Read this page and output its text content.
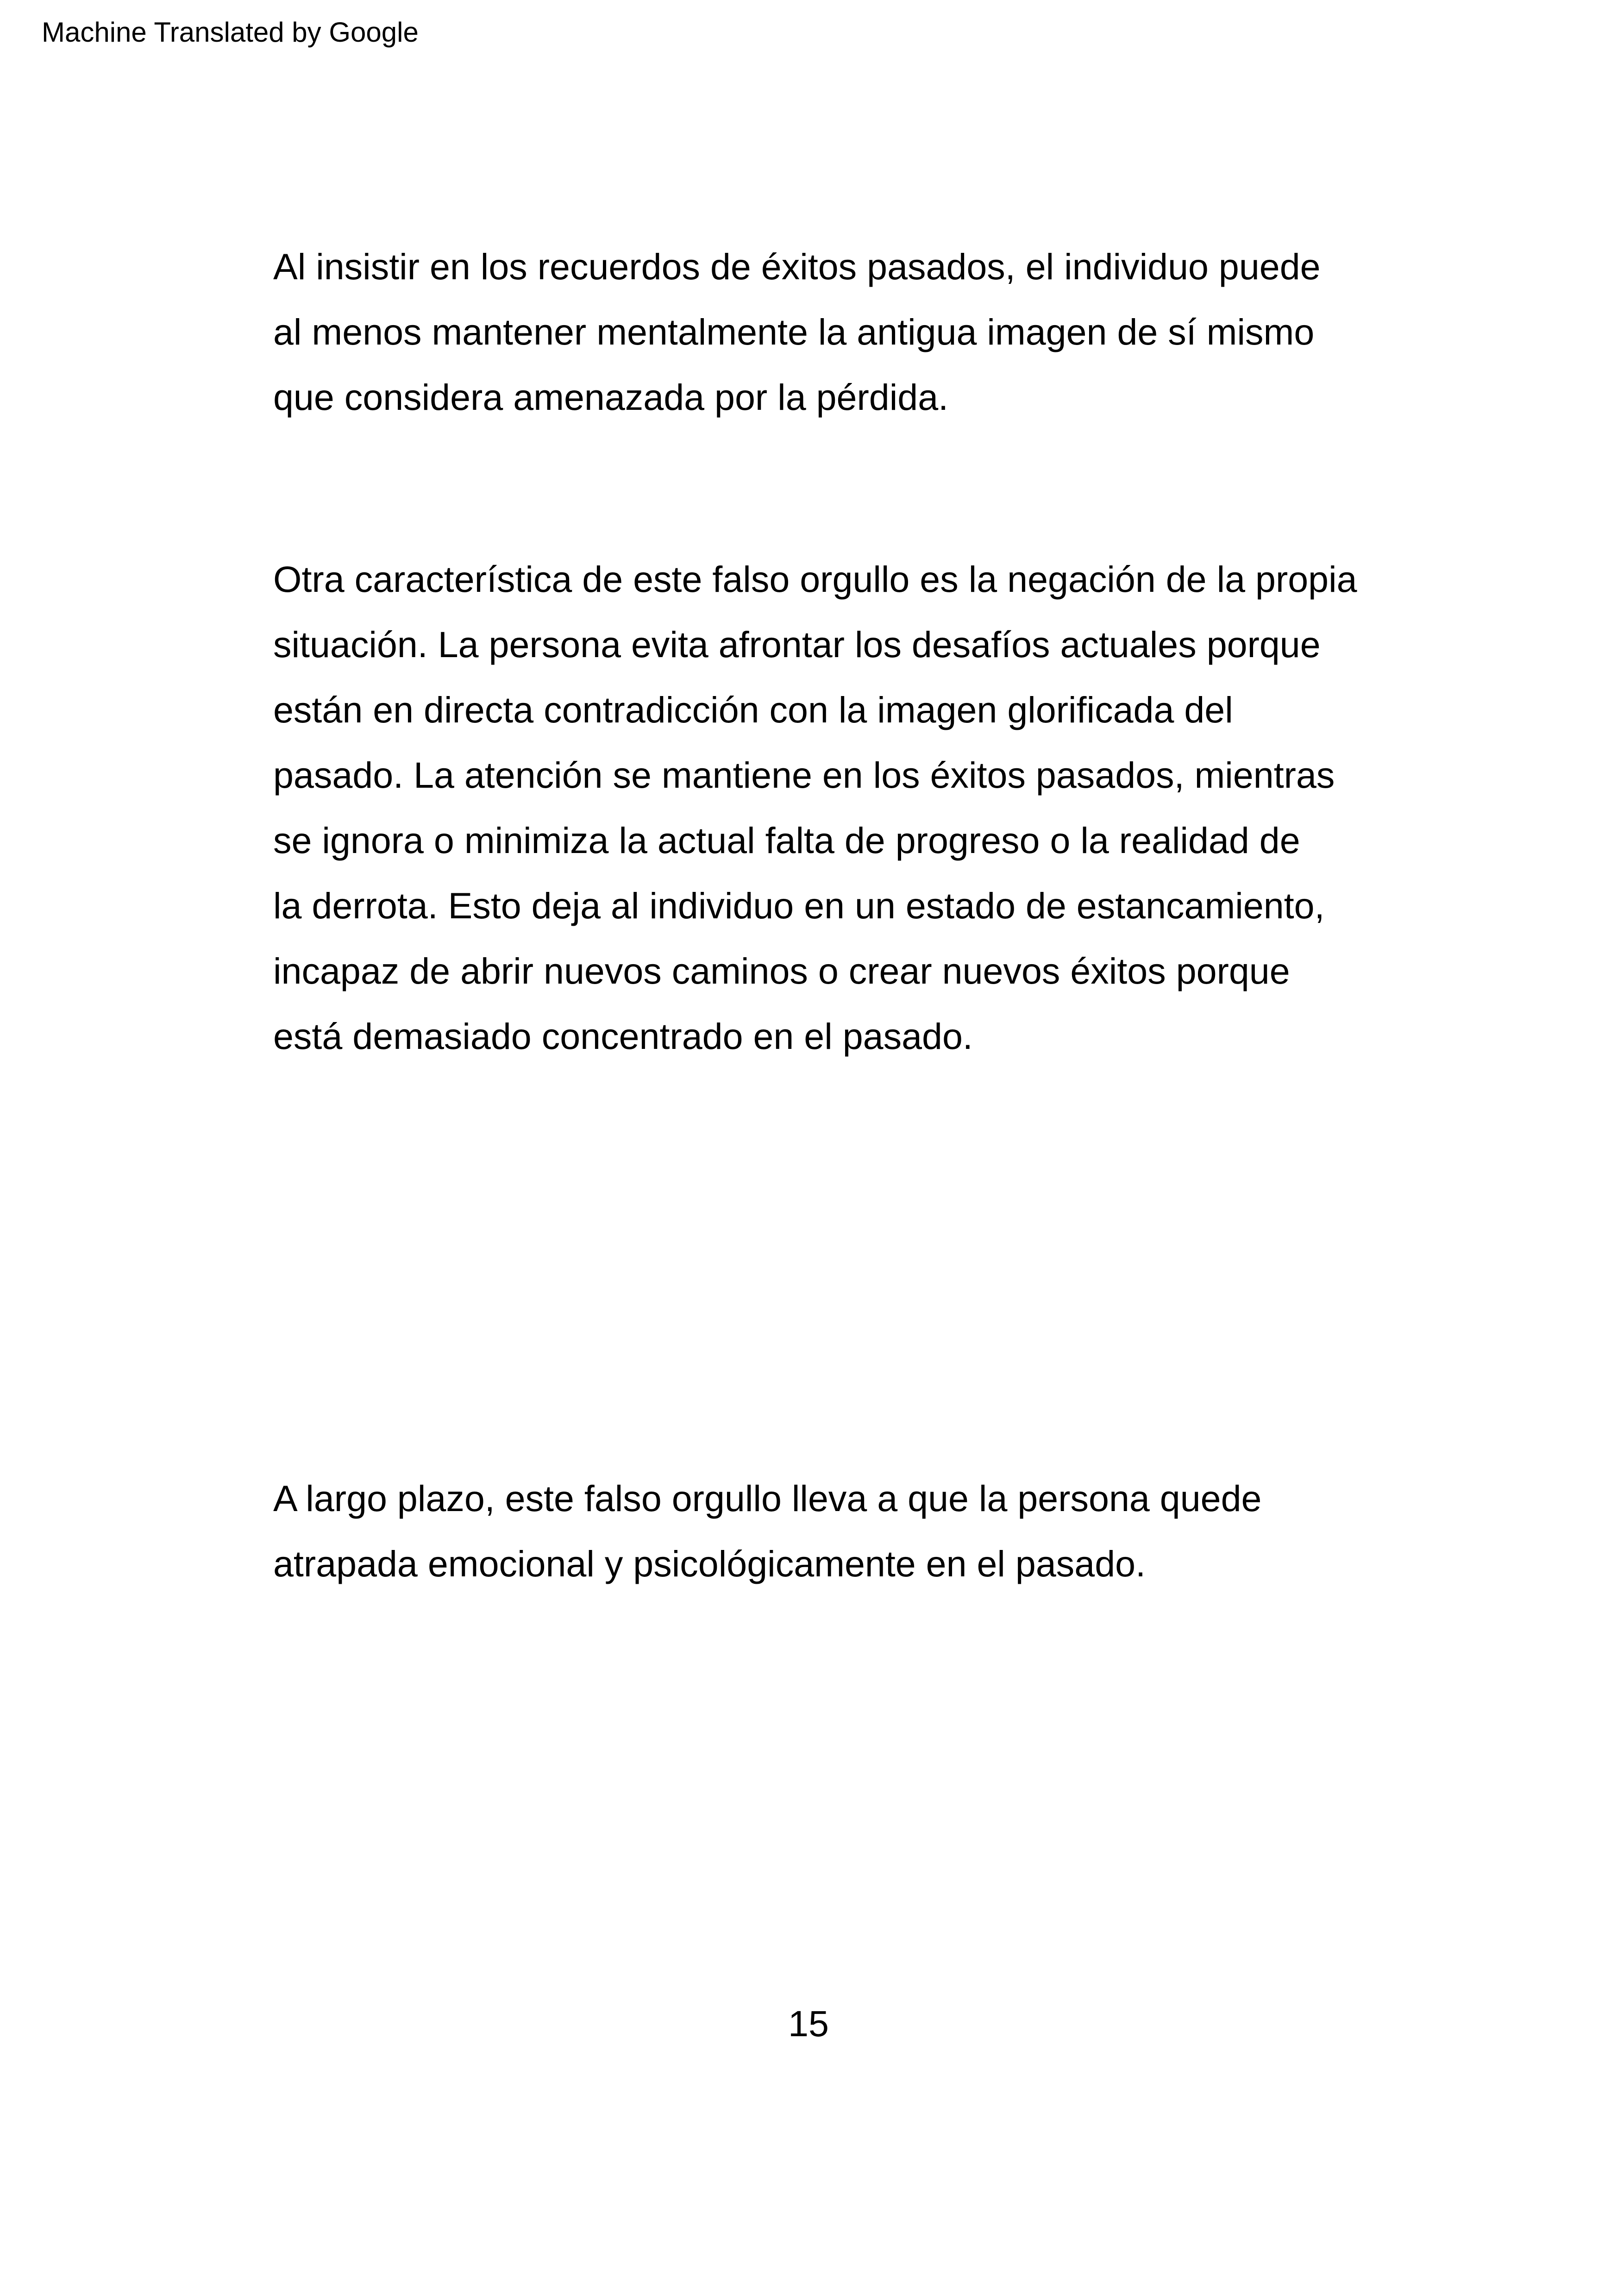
Machine Translated by Google
Al insistir en los recuerdos de éxitos pasados, el individuo puede
al menos mantener mentalmente la antigua imagen de sí mismo
que considera amenazada por la pérdida.
Otra característica de este falso orgullo es la negación de la propia
situación. La persona evita afrontar los desafíos actuales porque
están en directa contradicción con la imagen glorificada del
pasado. La atención se mantiene en los éxitos pasados, mientras
se ignora o minimiza la actual falta de progreso o la realidad de
la derrota. Esto deja al individuo en un estado de estancamiento,
incapaz de abrir nuevos caminos o crear nuevos éxitos porque
está demasiado concentrado en el pasado.
A largo plazo, este falso orgullo lleva a que la persona quede
atrapada emocional y psicológicamente en el pasado.
15
